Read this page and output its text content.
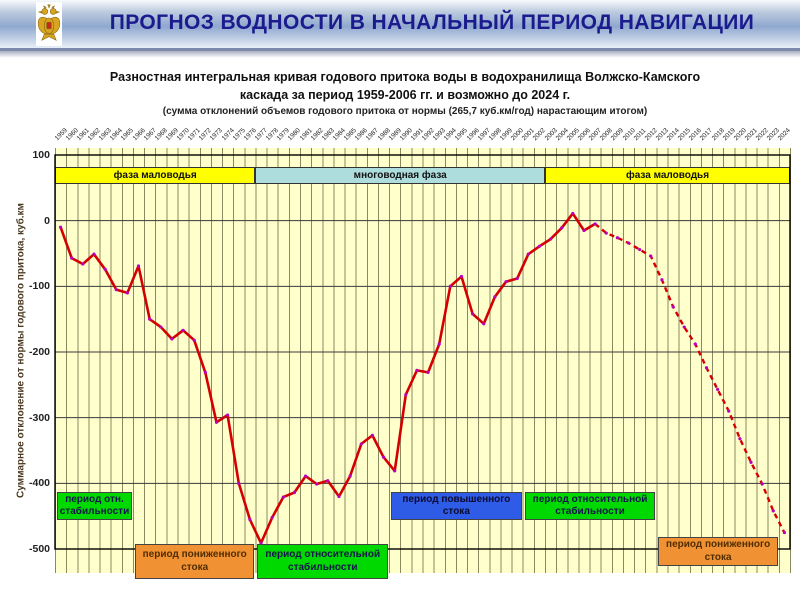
ПРОГНОЗ ВОДНОСТИ В НАЧАЛЬНЫЙ ПЕРИОД НАВИГАЦИИ
Разностная интегральная кривая годового притока воды в водохранилища Волжско-Камского каскада за период 1959-2006 гг. и возможно до 2024 г.
(сумма отклонений объемов годового притока от нормы (265,7 куб.км/год) нарастающим итогом)
Суммарное отклонение от нормы годового притока, куб.км
фаза маловодья	многоводная фаза	фаза маловодья
1959
1960
1961
1962
1963
1964
1965
1966
1967
1968
1969
1970
1971
1972
1973
1974
1975
1976
1977
1978
1979
1980
1981
1982
1983
1984
1985
1986
1987
1988
1989
1990
1991
1992
1993
1994
1995
1996
1997
1998
1999
2000
2001
2002
2003
2004
2005
2006
2007
2008
2009
2010
2011
2012
2013
2014
2015
2016
2017
2018
2019
2020
2021
2022
2023
2024
100
0
-100
-200
-300
-400
-500
период отн. стабильности
период пониженного стока
период относительной стабильности
период повышенного стока
период относительной стабильности
период пониженного стока
